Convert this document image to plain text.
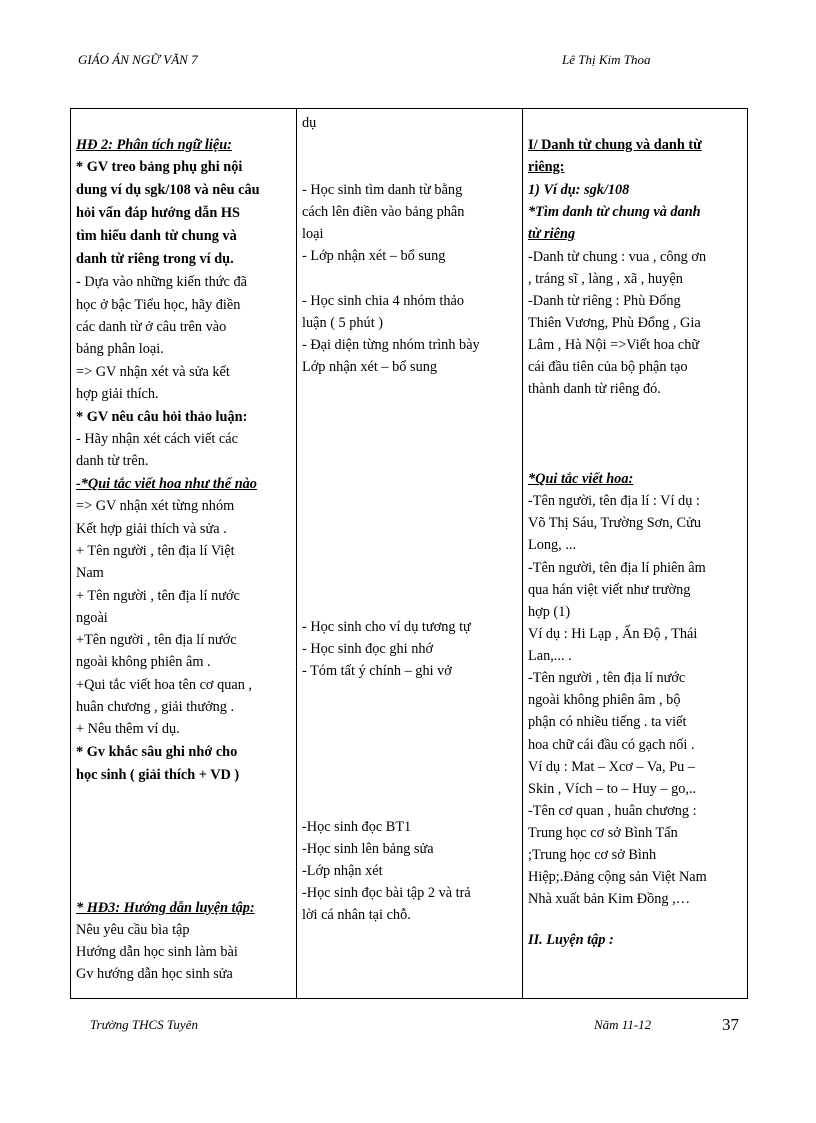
GIÁO ÁN NGỮ VĂN 7	Lê Thị Kim Thoa
HĐ 2: Phân tích ngữ liệu:
* GV treo bảng phụ ghi nội
dung ví dụ sgk/108 và nêu câu
hỏi vấn đáp hướng dẫn HS
tìm hiểu danh từ chung và
danh từ riêng trong ví dụ.
- Dựa vào những kiến thức đã
học ở bậc Tiểu học, hãy điền
các danh từ ở câu trên vào
bảng phân loại.
=> GV nhận xét và sửa kết
hợp giải thích.
* GV nêu câu hỏi thảo luận:
- Hãy nhận xét cách viết các
danh từ trên.
-*Qui tắc viết hoa như thế nào
=> GV nhận xét từng nhóm
Kết hợp giải thích và sửa .
+ Tên người , tên địa lí Việt
Nam
+ Tên người , tên địa lí nước
ngoài
+Tên người , tên địa lí nước
ngoài không phiên âm .
+Qui tắc viết hoa tên cơ quan ,
huân chương , giải thưởng .
+ Nêu thêm ví dụ.
* Gv khắc sâu ghi nhớ cho
học sinh ( giải thích + VD )
* HĐ3: Hướng dẫn luyện tập:
Nêu yêu cầu bìa tập
Hướng dẫn học sinh làm bài
Gv hướng dẫn học sinh sửa

dụ
- Học sinh tìm danh từ bằng
cách lên điền vào bảng phân
loại
- Lớp nhận xét – bổ sung
- Học sinh chia 4 nhóm thảo
luận ( 5 phút )
- Đại diện từng nhóm trình bày
Lớp nhận xét – bổ sung
- Học sinh cho ví dụ tương tự
- Học sinh đọc ghi nhớ
- Tóm tất ý chính – ghi vở
-Học sinh đọc BT1
-Học sinh lên bảng sửa
-Lớp nhận xét
-Học sinh đọc bài tập 2 và trả
lời cá nhân tại chỗ.

I/ Danh từ chung và danh từ
riêng:
1) Ví dụ: sgk/108
*Tìm danh từ chung và danh
từ riêng
-Danh từ chung : vua , công ơn
, tráng sĩ , làng , xã , huyện
-Danh từ riêng : Phù Đổng
Thiên Vương, Phù Đổng , Gia
Lâm , Hà Nội =>Viết hoa chữ
cái đầu tiên của bộ phận tạo
thành danh từ riêng đó.
*Qui tắc viết hoa:
-Tên người, tên địa lí : Ví dụ :
Võ Thị Sáu, Trường Sơn, Cửu
Long, ...
-Tên người, tên địa lí phiên âm
qua hán việt viết như trường
hợp (1)
Ví dụ : Hi Lạp , Ấn Độ , Thái
Lan,... .
-Tên người , tên địa lí nước
ngoài không phiên âm , bộ
phận có nhiều tiếng . ta viết
hoa chữ cái đầu có gạch nối .
Ví dụ : Mat – Xcơ – Va, Pu –
Skin , Vích – to – Huy – go,..
-Tên cơ quan , huân chương :
Trung học cơ sở Bình Tấn
;Trung học cơ sở Bình
Hiệp;.Đảng cộng sản Việt Nam
Nhà xuất bản Kim Đồng ,…
II. Luyện tập :
Trường THCS Tuyên	Năm 11-12	37
